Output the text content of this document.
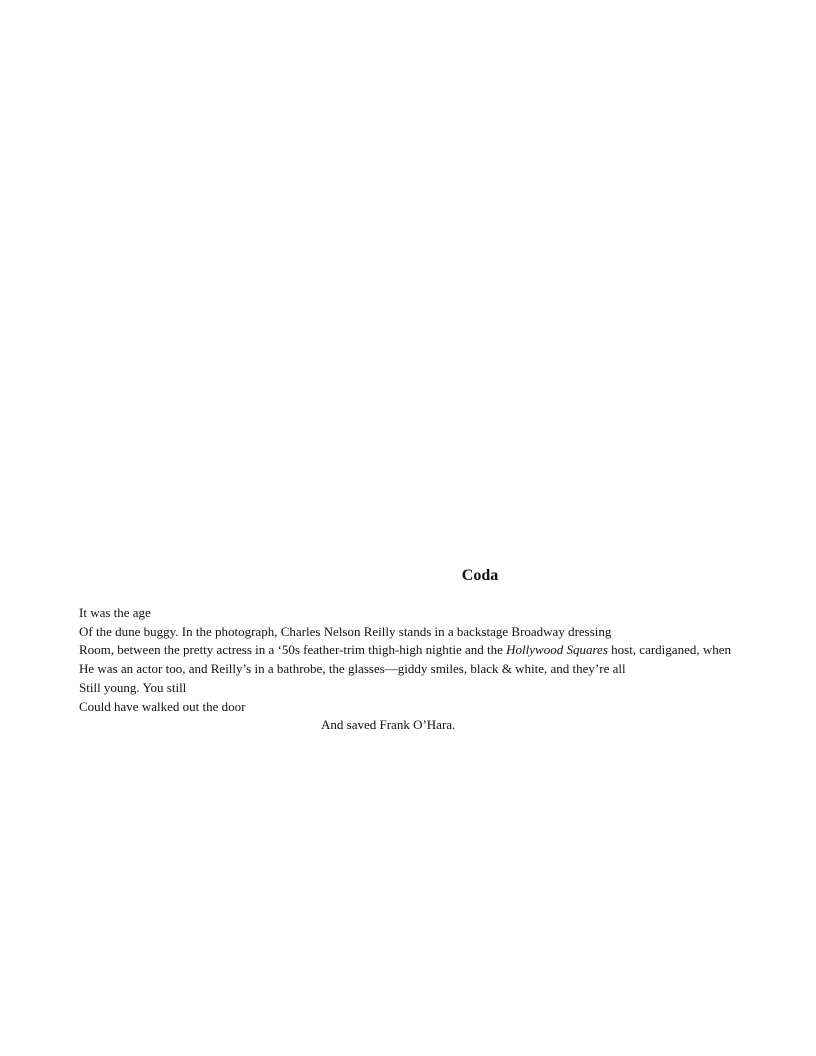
Coda
It was the age
Of the dune buggy. In the photograph, Charles Nelson Reilly stands in a backstage Broadway dressing
Room, between the pretty actress in a ‘50s feather-trim thigh-high nightie and the Hollywood Squares host, cardiganed, when
He was an actor too, and Reilly’s in a bathrobe, the glasses—giddy smiles, black & white, and they’re all
Still young. You still
Could have walked out the door
And saved Frank O’Hara.
